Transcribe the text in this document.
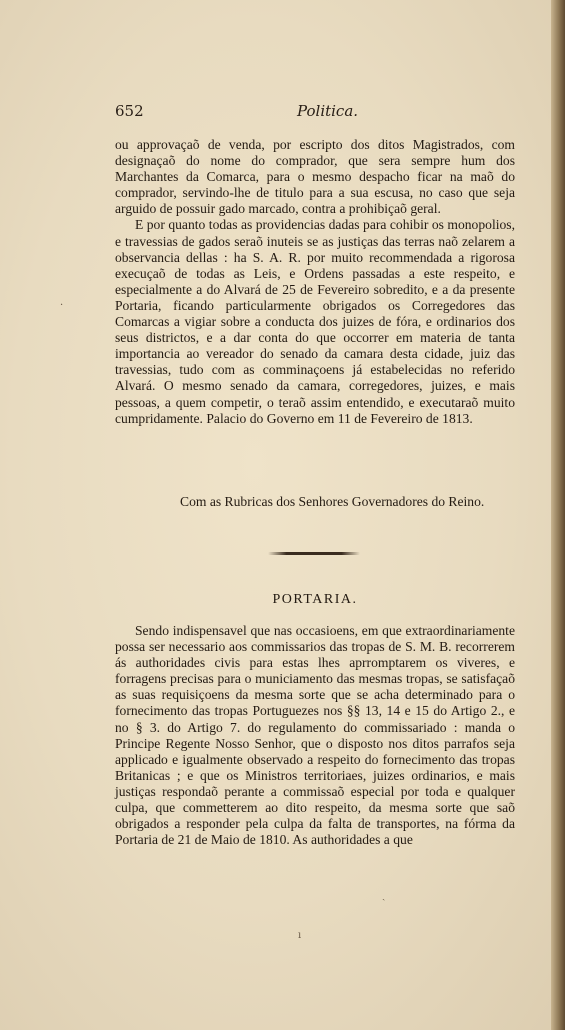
652	Politica.

ou approvaçaõ de venda, por escripto dos ditos Magistrados, com designaçaõ do nome do comprador, que sera sempre hum dos Marchantes da Comarca, para o mesmo despacho ficar na maõ do comprador, servindo-lhe de titulo para a sua escusa, no caso que seja arguido de possuir gado marcado, contra a prohibiçaõ geral.

E por quanto todas as providencias dadas para cohibir os monopolios, e travessias de gados seraõ inuteis se as justiças das terras naõ zelarem a observancia dellas : ha S. A. R. por muito recommendada a rigorosa execuçaõ de todas as Leis, e Ordens passadas a este respeito, e especialmente a do Alvará de 25 de Fevereiro sobredito, e a da presente Portaria, ficando particularmente obrigados os Corregedores das Comarcas a vigiar sobre a conducta dos juizes de fóra, e ordinarios dos seus districtos, e a dar conta do que occorrer em materia de tanta importancia ao vereador do senado da camara desta cidade, juiz das travessias, tudo com as comminaçoens já estabelecidas no referido Alvará. O mesmo senado da camara, corregedores, juizes, e mais pessoas, a quem competir, o teraõ assim entendido, e executaraõ muito cumpridamente. Palacio do Governo em 11 de Fevereiro de 1813.

Com as Rubricas dos Senhores Governadores do Reino.
PORTARIA.

Sendo indispensavel que nas occasioens, em que extraordinariamente possa ser necessario aos commissarios das tropas de S. M. B. recorrerem ás authoridades civis para estas lhes aprromptarem os viveres, e forragens precisas para o municiamento das mesmas tropas, se satisfaçaõ as suas requisiçoens da mesma sorte que se acha determinado para o fornecimento das tropas Portuguezes nos §§ 13, 14 e 15 do Artigo 2., e no § 3. do Artigo 7. do regulamento do commissariado : manda o Principe Regente Nosso Senhor, que o disposto nos ditos parrafos seja applicado e igualmente observado a respeito do fornecimento das tropas Britanicas ; e que os Ministros territoriaes, juizes ordinarios, e mais justiças respondaõ perante a commissaõ especial por toda e qualquer culpa, que commetterem ao dito respeito, da mesma sorte que saõ obrigados a responder pela culpa da falta de transportes, na fórma da Portaria de 21 de Maio de 1810. As authoridades a que

·
ˎ
ı
